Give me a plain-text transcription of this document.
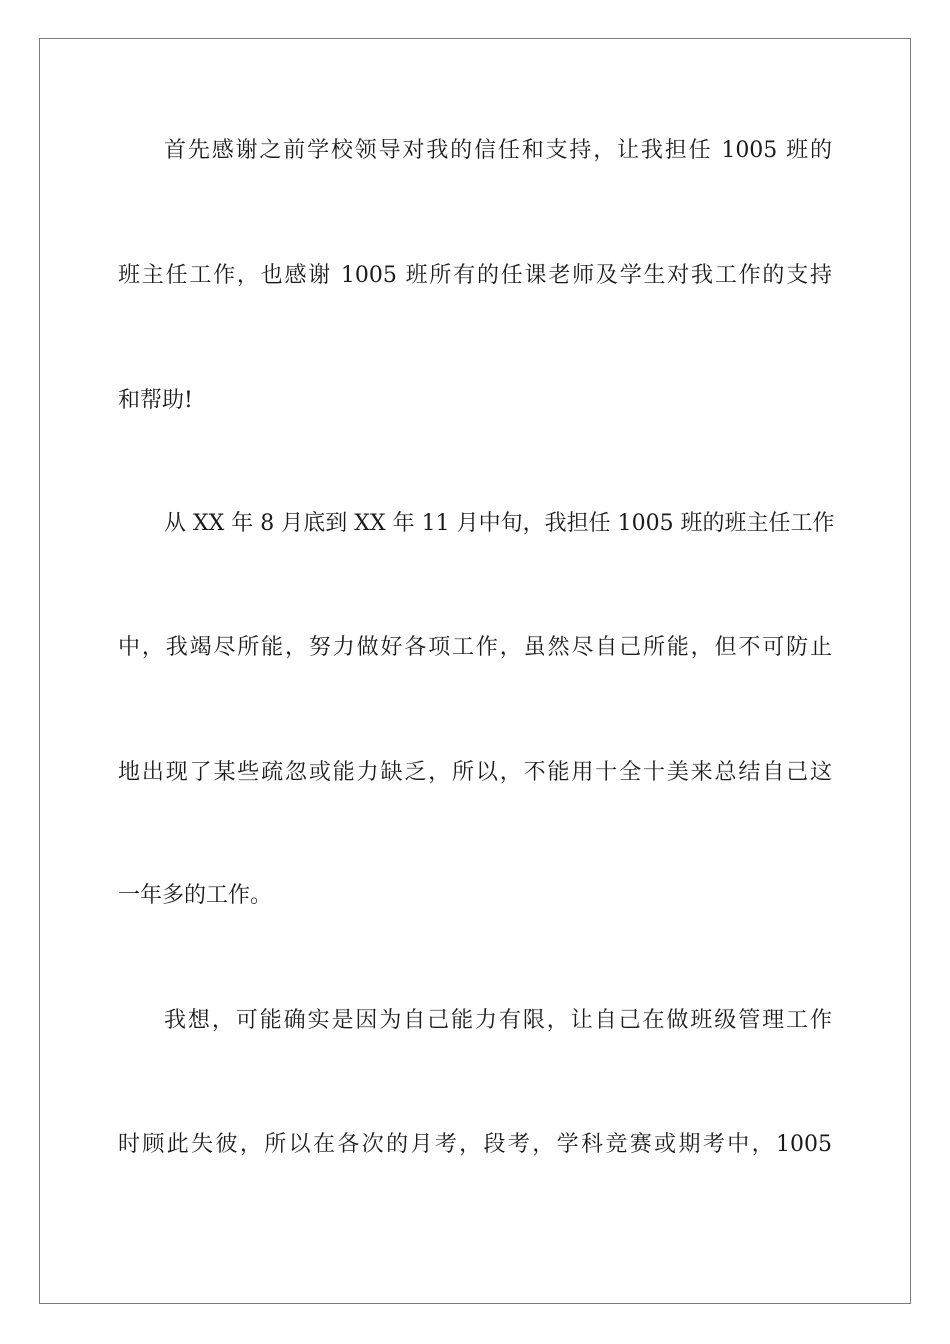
首先感谢之前学校领导对我的信任和支持，让我担任 1005 班的
班主任工作，也感谢 1005 班所有的任课老师及学生对我工作的支持
和帮助!
从 XX 年 8 月底到 XX 年 11 月中旬，我担任 1005 班的班主任工作
中，我竭尽所能，努力做好各项工作，虽然尽自己所能，但不可防止
地出现了某些疏忽或能力缺乏，所以，不能用十全十美来总结自己这
一年多的工作。
我想，可能确实是因为自己能力有限，让自己在做班级管理工作
时顾此失彼，所以在各次的月考，段考，学科竞赛或期考中，1005
